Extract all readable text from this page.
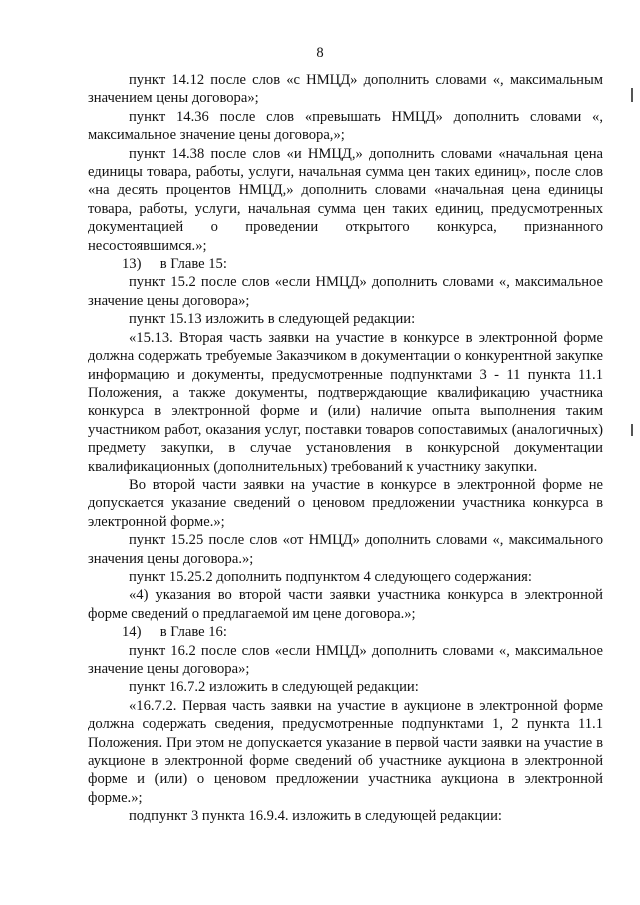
8

пункт 14.12 после слов «с НМЦД» дополнить словами «, максимальным значением цены договора»;

пункт 14.36 после слов «превышать НМЦД» дополнить словами «, максимальное значение цены договора,»;

пункт 14.38 после слов «и НМЦД,» дополнить словами «начальная цена единицы товара, работы, услуги, начальная сумма цен таких единиц», после слов «на десять процентов НМЦД,» дополнить словами «начальная цена единицы товара, работы, услуги, начальная сумма цен таких единиц, предусмотренных документацией о проведении открытого конкурса, признанного несостоявшимся.»;

13)     в Главе 15:

пункт 15.2 после слов «если НМЦД» дополнить словами «, максимальное значение цены договора»;

пункт 15.13 изложить в следующей редакции:

«15.13. Вторая часть заявки на участие в конкурсе в электронной форме должна содержать требуемые Заказчиком в документации о конкурентной закупке информацию и документы, предусмотренные подпунктами 3 - 11 пункта 11.1 Положения, а также документы, подтверждающие квалификацию участника конкурса в электронной форме и (или) наличие опыта выполнения таким участником работ, оказания услуг, поставки товаров сопоставимых (аналогичных) предмету закупки, в случае установления в конкурсной документации квалификационных (дополнительных) требований к участнику закупки.

Во второй части заявки на участие в конкурсе в электронной форме не допускается указание сведений о ценовом предложении участника конкурса в электронной форме.»;

пункт 15.25 после слов «от НМЦД» дополнить словами «, максимального значения цены договора.»;

пункт 15.25.2 дополнить подпунктом 4 следующего содержания:

«4) указания во второй части заявки участника конкурса в электронной форме сведений о предлагаемой им цене договора.»;

14)     в Главе 16:

пункт 16.2 после слов «если НМЦД» дополнить словами «, максимальное значение цены договора»;

пункт 16.7.2 изложить в следующей редакции:

«16.7.2. Первая часть заявки на участие в аукционе в электронной форме должна содержать сведения, предусмотренные подпунктами 1, 2 пункта 11.1 Положения. При этом не допускается указание в первой части заявки на участие в аукционе в электронной форме сведений об участнике аукциона в электронной форме и (или) о ценовом предложении участника аукциона в электронной форме.»;

подпункт 3 пункта 16.9.4. изложить в следующей редакции:
